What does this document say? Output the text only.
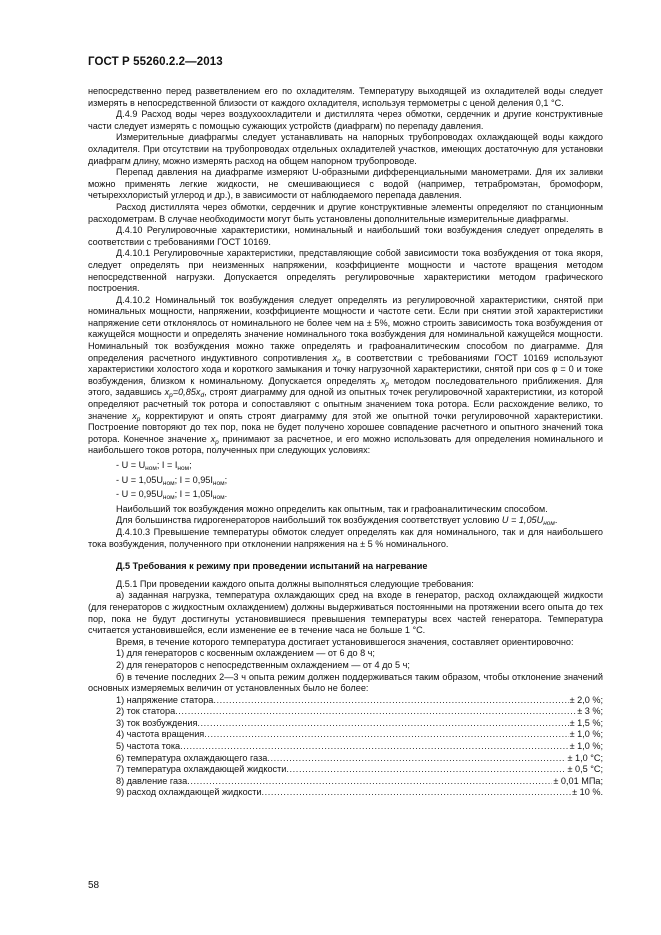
ГОСТ Р 55260.2.2—2013

непосредственно перед разветвлением его по охладителям. Температуру выходящей из охладителей воды следует измерять в непосредственной близости от каждого охладителя, используя термометры с ценой деления 0,1 °С.

Д.4.9 Расход воды через воздухоохладители и дистиллята через обмотки, сердечник и другие конструктивные части следует измерять с помощью сужающих устройств (диафрагм) по перепаду давления.

Измерительные диафрагмы следует устанавливать на напорных трубопроводах охлаждающей воды каждого охладителя. При отсутствии на трубопроводах отдельных охладителей участков, имеющих достаточную для установки диафрагм длину, можно измерять расход на общем напорном трубопроводе.

Перепад давления на диафрагме измеряют U-образными дифференциальными манометрами. Для их заливки можно применять легкие жидкости, не смешивающиеся с водой (например, тетрабромэтан, бромоформ, четыреххлористый углерод и др.), в зависимости от наблюдаемого перепада давления.

Расход дистиллята через обмотки, сердечник и другие конструктивные элементы определяют по станционным расходометрам. В случае необходимости могут быть установлены дополнительные измерительные диафрагмы.

Д.4.10 Регулировочные характеристики, номинальный и наибольший токи возбуждения следует определять в соответствии с требованиями ГОСТ 10169.

Д.4.10.1 Регулировочные характеристики, представляющие собой зависимости тока возбуждения от тока якоря, следует определять при неизменных напряжении, коэффициенте мощности и частоте вращения методом непосредственной нагрузки. Допускается определять регулировочные характеристики методом графического построения.

Д.4.10.2 Номинальный ток возбуждения следует определять из регулировочной характеристики, снятой при номинальных мощности, напряжении, коэффициенте мощности и частоте сети. Если при снятии этой характеристики напряжение сети отклонялось от номинального не более чем на ± 5%, можно строить зависимость тока возбуждения от кажущейся мощности и определять значение номинального тока возбуждения для номинальной кажущейся мощности. Номинальный ток возбуждения можно также определять и графоаналитическим способом по диаграмме. Для определения расчетного индуктивного сопротивления $x_p$ в соответствии с требованиями ГОСТ 10169 используют характеристики холостого хода и короткого замыкания и точку нагрузочной характеристики, снятой при cos φ = 0 и токе возбуждения, близком к номинальному. Допускается определять $x_p$ методом последовательного приближения. Для этого, задавшись $x_p=0,85x_d$, строят диаграмму для одной из опытных точек регулировочной характеристики, из которой определяют расчетный ток ротора и сопоставляют с опытным значением тока ротора. Если расхождение велико, то значение $x_p$ корректируют и опять строят диаграмму для этой же опытной точки регулировочной характеристики. Построение повторяют до тех пор, пока не будет получено хорошее совпадение расчетного и опытного значений тока ротора. Конечное значение $x_p$ принимают за расчетное, и его можно использовать для определения номинального и наибольшего токов ротора, полученных при следующих условиях:

- $U = U_{ном}$; $I = I_{ном}$;

- $U = 1,05U_{ном}$; $I = 0,95I_{ном}$;

- $U = 0,95U_{ном}$; $I = 1,05I_{ном}$.

Наибольший ток возбуждения можно определить как опытным, так и графоаналитическим способом.

Для большинства гидрогенераторов наибольший ток возбуждения соответствует условию $U = 1,05U_{ном}$.

Д.4.10.3 Превышение температуры обмоток следует определять как для номинального, так и для наибольшего тока возбуждения, полученного при отклонении напряжения на ± 5 % номинального.

Д.5 Требования к режиму при проведении испытаний на нагревание

Д.5.1 При проведении каждого опыта должны выполняться следующие требования:

а) заданная нагрузка, температура охлаждающих сред на входе в генератор, расход охлаждающей жидкости (для генераторов с жидкостным охлаждением) должны выдерживаться постоянными на протяжении всего опыта до тех пор, пока не будут достигнуты установившиеся превышения температуры всех частей генератора. Температура считается установившейся, если изменение ее в течение часа не больше 1 °С.

Время, в течение которого температура достигает установившегося значения, составляет ориентировочно:

1) для генераторов с косвенным охлаждением — от 6 до 8 ч;

2) для генераторов с непосредственным охлаждением — от 4 до 5 ч;

б) в течение последних 2—3 ч опыта режим должен поддерживаться таким образом, чтобы отклонение значений основных измеряемых величин от установленных было не более:

1) напряжение статора .....	± 2,0 %;
2) ток статора .....	± 3 %;
3) ток возбуждения .....	± 1,5 %;
4) частота вращения .....	± 1,0 %;
5) частота тока .....	± 1,0 %;
6) температура охлаждающего газа .....	± 1,0 °С;
7) температура охлаждающей жидкости .....	± 0,5 °С;
8) давление газа .....	± 0,01 МПа;
9) расход охлаждающей жидкости .....	± 10 %.
58
